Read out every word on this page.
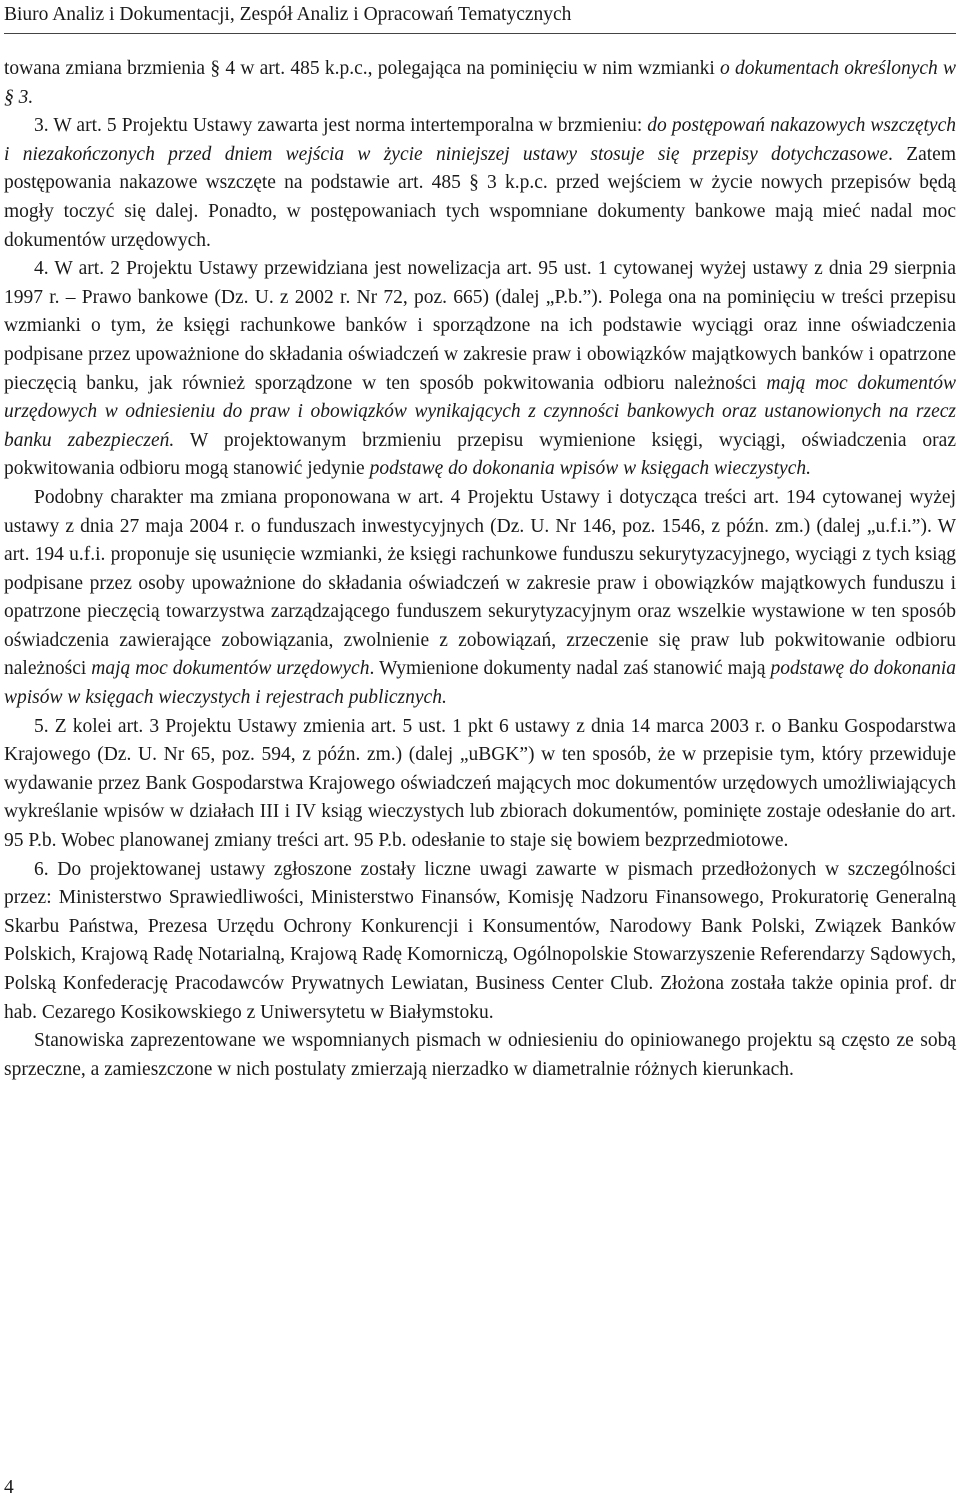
Biuro Analiz i Dokumentacji, Zespół Analiz i Opracowań Tematycznych

towana zmiana brzmienia § 4 w art. 485 k.p.c., polegająca na pominięciu w nim wzmianki o dokumentach określonych w § 3.

3. W art. 5 Projektu Ustawy zawarta jest norma intertemporalna w brzmieniu: do postępowań nakazowych wszczętych i niezakończonych przed dniem wejścia w życie niniejszej ustawy stosuje się przepisy dotychczasowe. Zatem postępowania nakazowe wszczęte na podstawie art. 485 § 3 k.p.c. przed wejściem w życie nowych przepisów będą mogły toczyć się dalej. Ponadto, w postępowaniach tych wspomniane dokumenty bankowe mają mieć nadal moc dokumentów urzędowych.

4. W art. 2 Projektu Ustawy przewidziana jest nowelizacja art. 95 ust. 1 cytowanej wyżej ustawy z dnia 29 sierpnia 1997 r. – Prawo bankowe (Dz. U. z 2002 r. Nr 72, poz. 665) (dalej „P.b.”). Polega ona na pominięciu w treści przepisu wzmianki o tym, że księgi rachunkowe banków i sporządzone na ich podstawie wyciągi oraz inne oświadczenia podpisane przez upoważnione do składania oświadczeń w zakresie praw i obowiązków majątkowych banków i opatrzone pieczęcią banku, jak również sporządzone w ten sposób pokwitowania odbioru należności mają moc dokumentów urzędowych w odniesieniu do praw i obowiązków wynikających z czynności bankowych oraz ustanowionych na rzecz banku zabezpieczeń. W projektowanym brzmieniu przepisu wymienione księgi, wyciągi, oświadczenia oraz pokwitowania odbioru mogą stanowić jedynie podstawę do dokonania wpisów w księgach wieczystych.

Podobny charakter ma zmiana proponowana w art. 4 Projektu Ustawy i dotycząca treści art. 194 cytowanej wyżej ustawy z dnia 27 maja 2004 r. o funduszach inwestycyjnych (Dz. U. Nr 146, poz. 1546, z późn. zm.) (dalej „u.f.i.”). W art. 194 u.f.i. proponuje się usunięcie wzmianki, że księgi rachunkowe funduszu sekurytyzacyjnego, wyciągi z tych ksiąg podpisane przez osoby upoważnione do składania oświadczeń w zakresie praw i obowiązków majątkowych funduszu i opatrzone pieczęcią towarzystwa zarządzającego funduszem sekurytyzacyjnym oraz wszelkie wystawione w ten sposób oświadczenia zawierające zobowiązania, zwolnienie z zobowiązań, zrzeczenie się praw lub pokwitowanie odbioru należności mają moc dokumentów urzędowych. Wymienione dokumenty nadal zaś stanowić mają podstawę do dokonania wpisów w księgach wieczystych i rejestrach publicznych.

5. Z kolei art. 3 Projektu Ustawy zmienia art. 5 ust. 1 pkt 6 ustawy z dnia 14 marca 2003 r. o Banku Gospodarstwa Krajowego (Dz. U. Nr 65, poz. 594, z późn. zm.) (dalej „uBGK”) w ten sposób, że w przepisie tym, który przewiduje wydawanie przez Bank Gospodarstwa Krajowego oświadczeń mających moc dokumentów urzędowych umożliwiających wykreślanie wpisów w działach III i IV ksiąg wieczystych lub zbiorach dokumentów, pominięte zostaje odesłanie do art. 95 P.b. Wobec planowanej zmiany treści art. 95 P.b. odesłanie to staje się bowiem bezprzedmiotowe.

6. Do projektowanej ustawy zgłoszone zostały liczne uwagi zawarte w pismach przedłożonych w szczególności przez: Ministerstwo Sprawiedliwości, Ministerstwo Finansów, Komisję Nadzoru Finansowego, Prokuratorię Generalną Skarbu Państwa, Prezesa Urzędu Ochrony Konkurencji i Konsumentów, Narodowy Bank Polski, Związek Banków Polskich, Krajową Radę Notarialną, Krajową Radę Komorniczą, Ogólnopolskie Stowarzyszenie Referendarzy Sądowych, Polską Konfederację Pracodawców Prywatnych Lewiatan, Business Center Club. Złożona została także opinia prof. dr hab. Cezarego Kosikowskiego z Uniwersytetu w Białymstoku.

Stanowiska zaprezentowane we wspomnianych pismach w odniesieniu do opiniowanego projektu są często ze sobą sprzeczne, a zamieszczone w nich postulaty zmierzają nierzadko w diametralnie różnych kierunkach.

4
